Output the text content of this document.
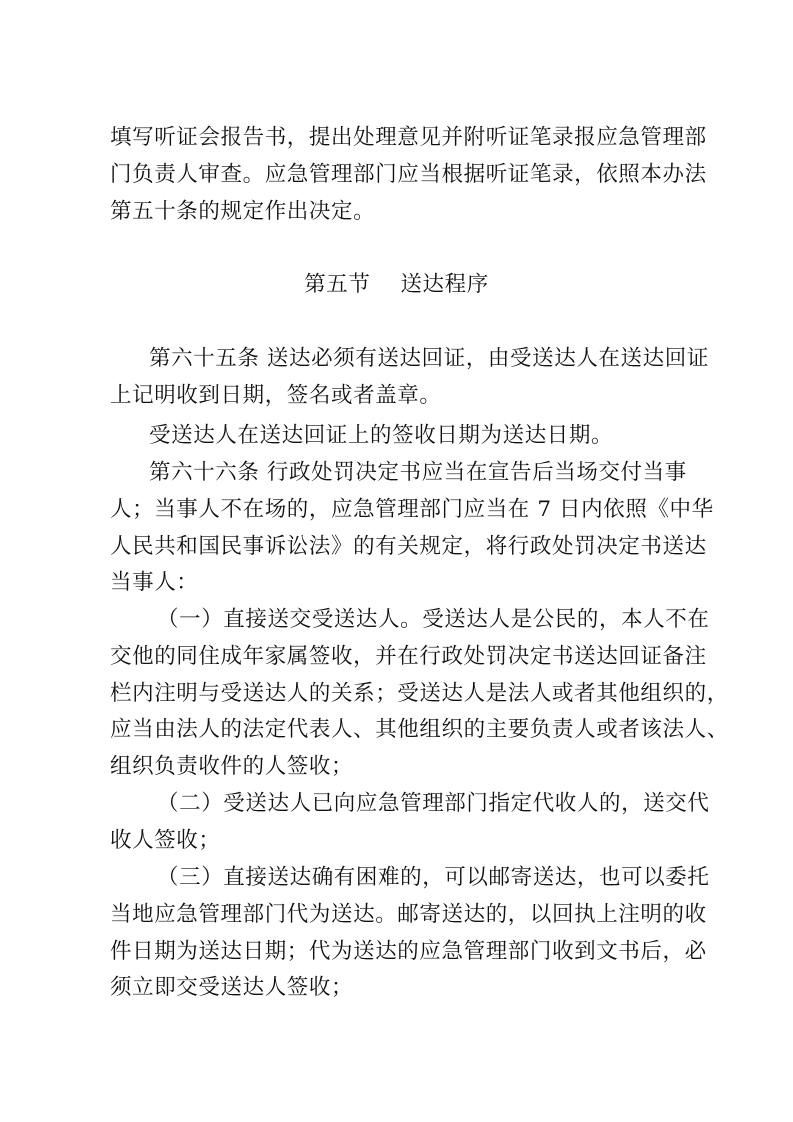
填写听证会报告书，提出处理意见并附听证笔录报应急管理部
门负责人审查。应急管理部门应当根据听证笔录，依照本办法
第五十条的规定作出决定。
第五节 送达程序
第六十五条 送达必须有送达回证，由受送达人在送达回证
上记明收到日期，签名或者盖章。
受送达人在送达回证上的签收日期为送达日期。
第六十六条 行政处罚决定书应当在宣告后当场交付当事
人；当事人不在场的，应急管理部门应当在 7 日内依照《中华
人民共和国民事诉讼法》的有关规定，将行政处罚决定书送达
当事人：
（一）直接送交受送达人。受送达人是公民的，本人不在
交他的同住成年家属签收，并在行政处罚决定书送达回证备注
栏内注明与受送达人的关系；受送达人是法人或者其他组织的，
应当由法人的法定代表人、其他组织的主要负责人或者该法人、
组织负责收件的人签收；
（二）受送达人已向应急管理部门指定代收人的，送交代
收人签收；
（三）直接送达确有困难的，可以邮寄送达，也可以委托
当地应急管理部门代为送达。邮寄送达的，以回执上注明的收
件日期为送达日期；代为送达的应急管理部门收到文书后，必
须立即交受送达人签收；
